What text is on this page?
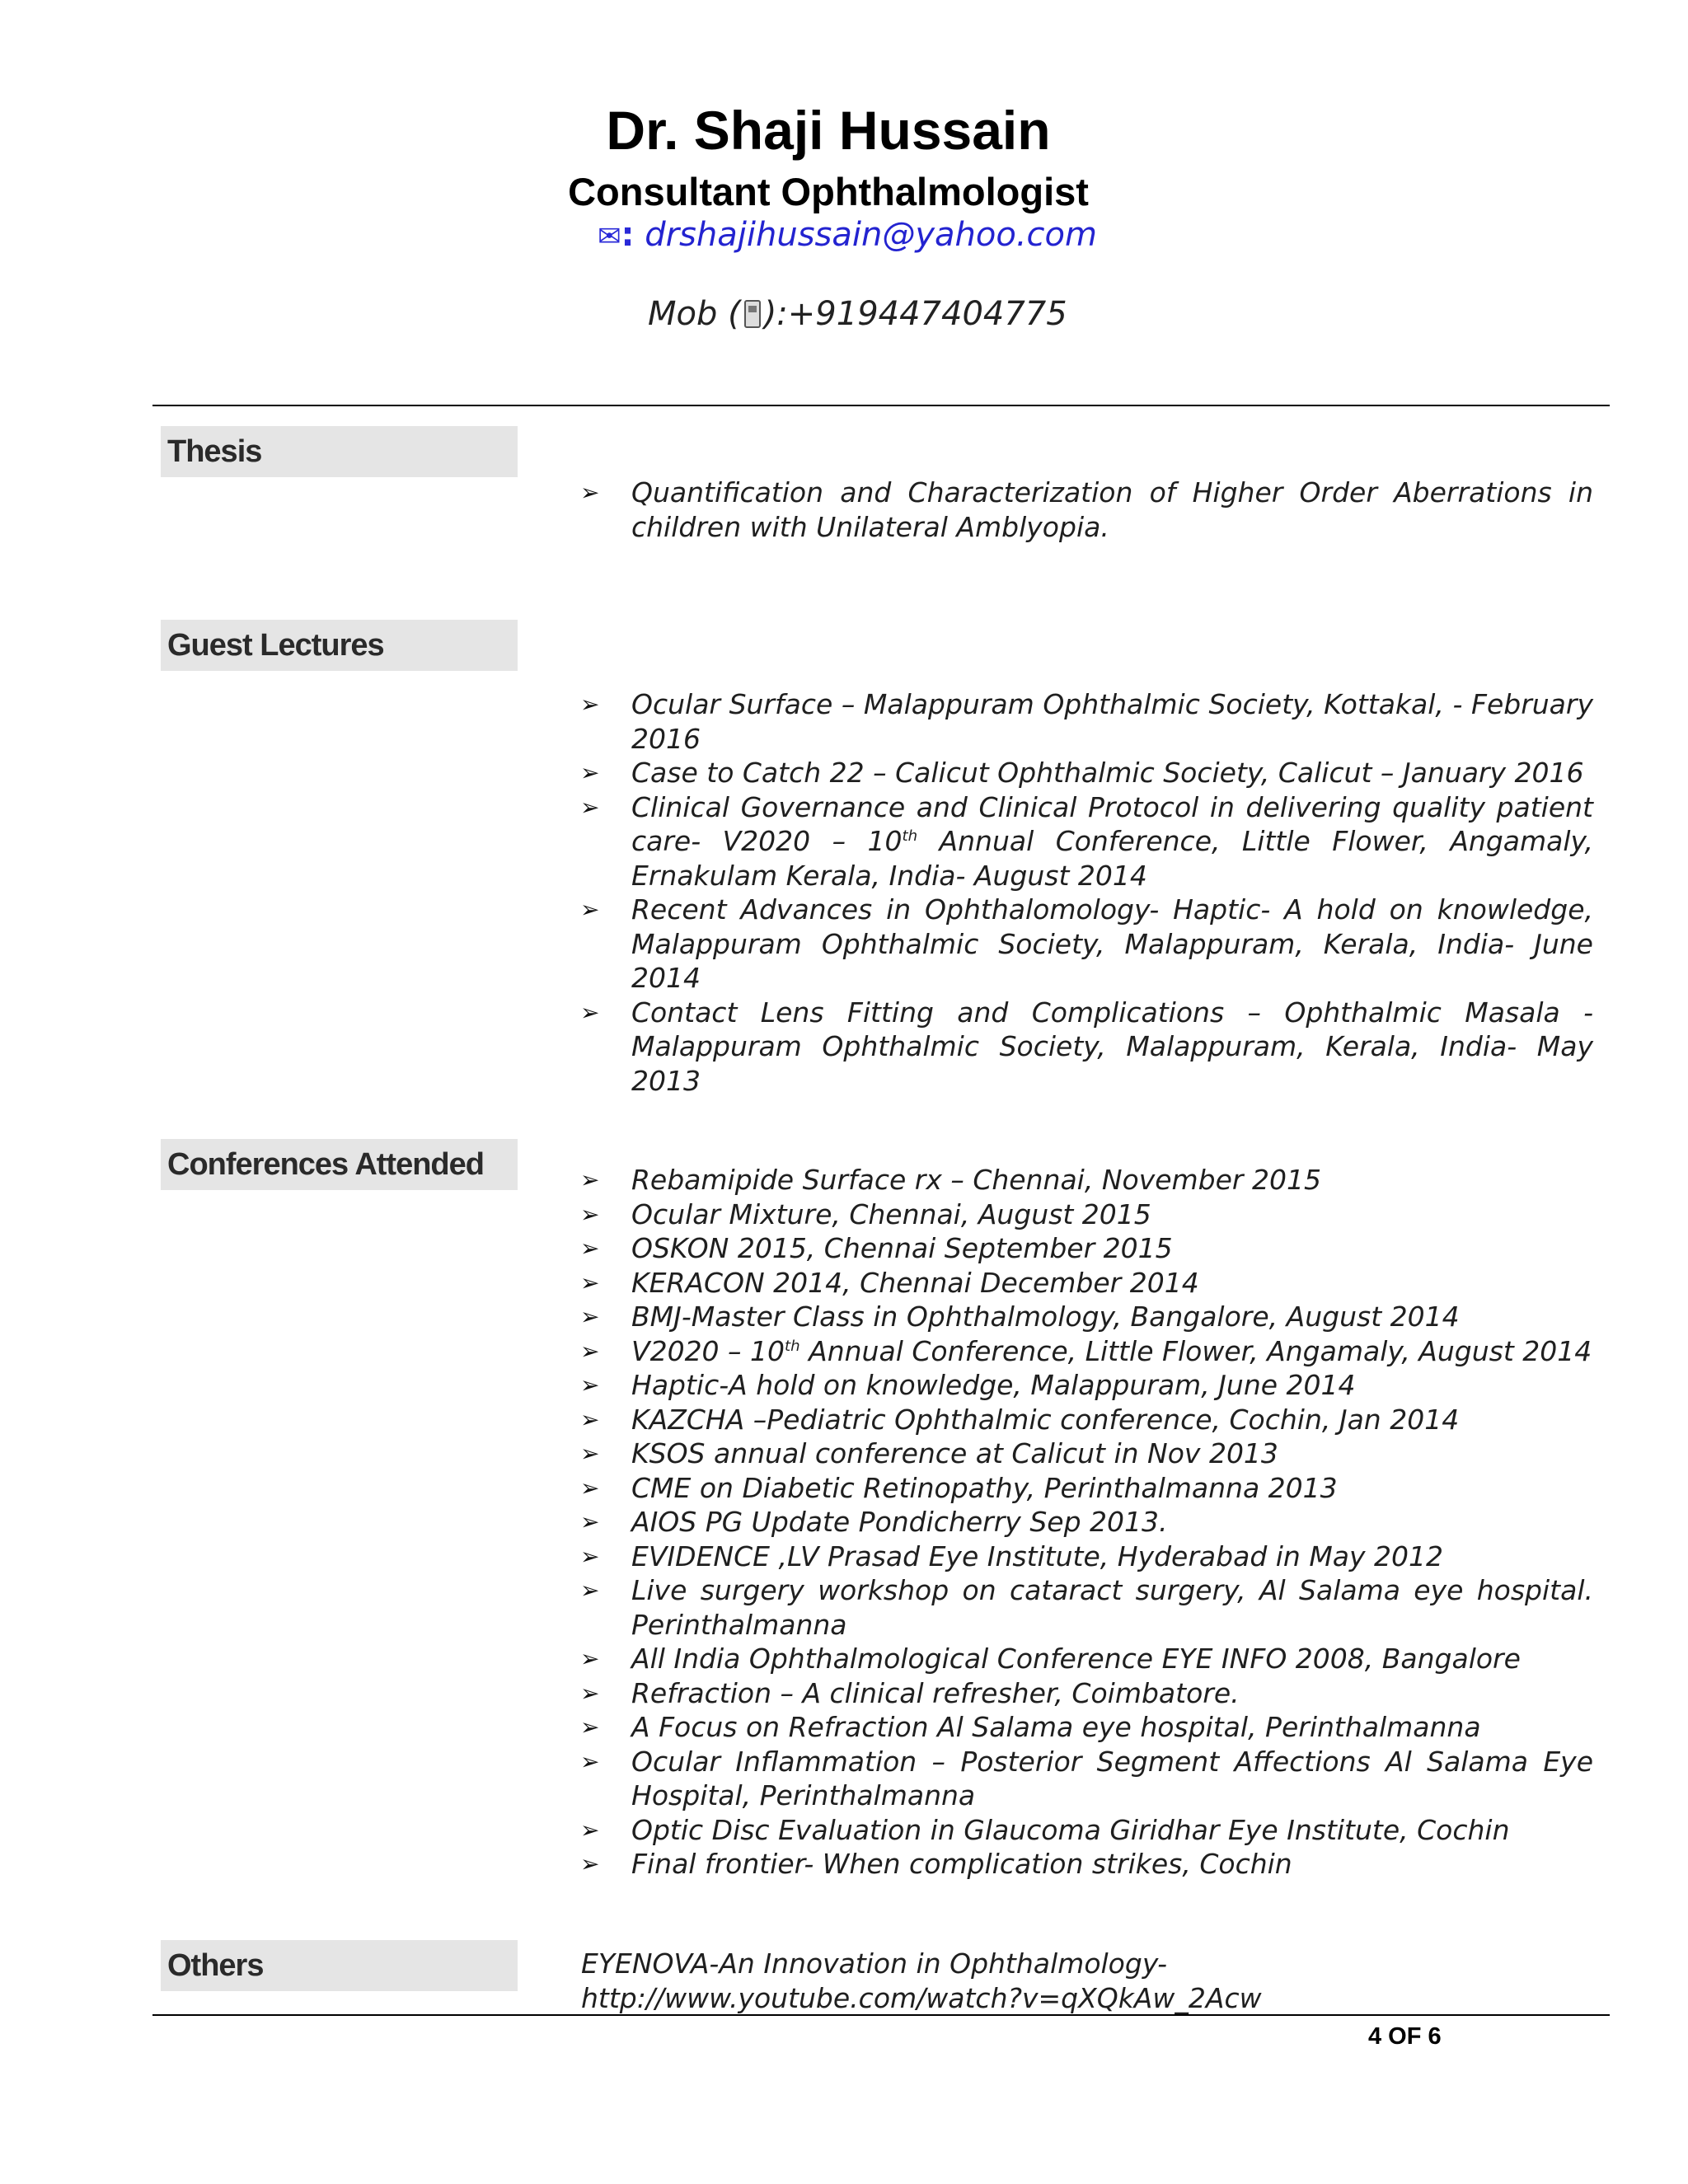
Dr. Shaji Hussain
Consultant Ophthalmologist
✉: drshajihussain@yahoo.com
Mob ( ):+919447404775
Thesis
➢ Quantification and Characterization of Higher Order Aberrations in children with Unilateral Amblyopia.
Guest Lectures
➢ Ocular Surface – Malappuram Ophthalmic Society, Kottakal, - February 2016
➢ Case to Catch 22 – Calicut Ophthalmic Society, Calicut – January 2016
➢ Clinical Governance and Clinical Protocol in delivering quality patient care- V2020 – 10th Annual Conference, Little Flower, Angamaly, Ernakulam Kerala, India- August 2014
➢ Recent Advances in Ophthalomology- Haptic- A hold on knowledge, Malappuram Ophthalmic Society, Malappuram, Kerala, India- June 2014
➢ Contact Lens Fitting and Complications – Ophthalmic Masala - Malappuram Ophthalmic Society, Malappuram, Kerala, India- May 2013
Conferences Attended
➢	Rebamipide Surface rx – Chennai, November 2015
➢ Ocular Mixture, Chennai, August 2015
➢ OSKON 2015, Chennai September 2015
➢ KERACON 2014, Chennai December 2014
➢ BMJ-Master Class in Ophthalmology, Bangalore, August 2014
➢ V2020 – 10th Annual Conference, Little Flower, Angamaly, August 2014
➢ Haptic-A hold on knowledge, Malappuram, June 2014
➢ KAZCHA –Pediatric Ophthalmic conference, Cochin, Jan 2014
➢ KSOS annual conference at Calicut in Nov 2013
➢ CME on Diabetic Retinopathy, Perinthalmanna 2013
➢ AIOS PG Update Pondicherry Sep 2013.
➢ EVIDENCE ,LV Prasad Eye Institute, Hyderabad in May 2012
➢ Live surgery workshop on cataract surgery, Al Salama eye hospital. Perinthalmanna
➢ All India Ophthalmological Conference EYE INFO 2008, Bangalore
➢ Refraction – A clinical refresher, Coimbatore.
➢ A Focus on Refraction Al Salama eye hospital, Perinthalmanna
➢ Ocular Inflammation – Posterior Segment Affections Al Salama Eye Hospital, Perinthalmanna
➢ Optic Disc Evaluation in Glaucoma Giridhar Eye Institute, Cochin
➢ Final frontier- When complication strikes, Cochin
Others	EYENOVA-An Innovation in Ophthalmology-
http://www.youtube.com/watch?v=qXQkAw_2Acw
4 OF 6
